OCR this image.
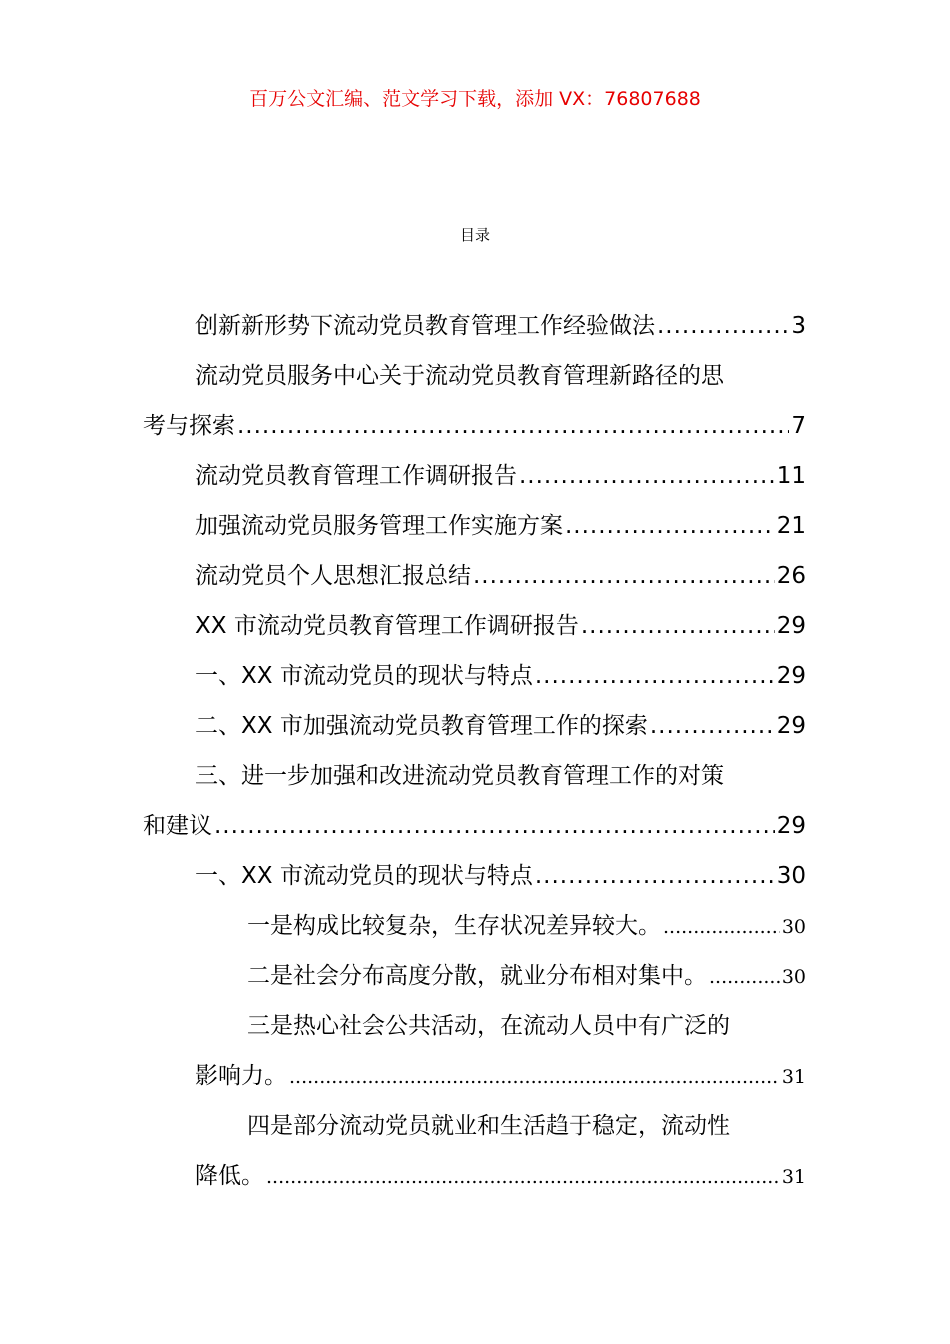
百万公文汇编、范文学习下载，添加 VX：76807688
目录
创新新形势下流动党员教育管理工作经验做法 .....	3
流动党员服务中心关于流动党员教育管理新路径的思
考与探索 .....	7
流动党员教育管理工作调研报告 .....	11
加强流动党员服务管理工作实施方案 .....	21
流动党员个人思想汇报总结 .....	26
XX 市流动党员教育管理工作调研报告 .....	29
一、XX 市流动党员的现状与特点 .....	29
二、XX 市加强流动党员教育管理工作的探索 .....	29
三、进一步加强和改进流动党员教育管理工作的对策
和建议 .....	29
一、XX 市流动党员的现状与特点 .....	30
一是构成比较复杂，生存状况差异较大。 .....	30
二是社会分布高度分散，就业分布相对集中。 .....	30
三是热心社会公共活动，在流动人员中有广泛的
影响力。 .....	31
四是部分流动党员就业和生活趋于稳定，流动性
降低。 .....	31
